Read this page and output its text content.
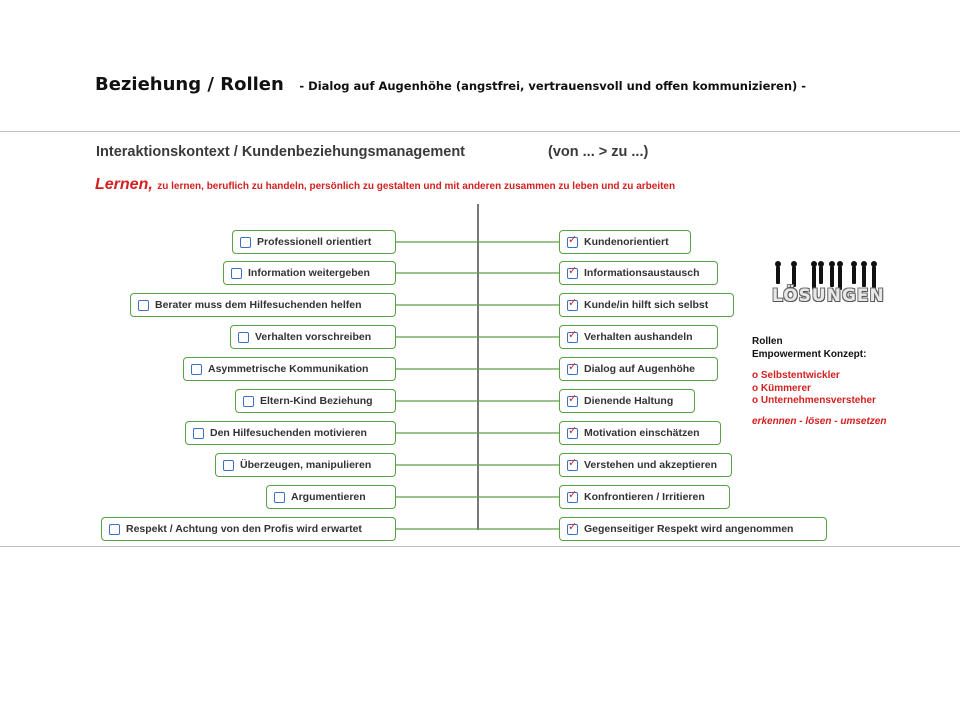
Beziehung / Rollen - Dialog auf Augenhöhe (angstfrei, vertrauensvoll und offen kommunizieren) -
Interaktionskontext / Kundenbeziehungsmanagement	(von ... > zu ...)
Lernen, zu lernen, beruflich zu handeln, persönlich zu gestalten und mit anderen zusammen zu leben und zu arbeiten
Professionell orientiert
Information weitergeben
Berater muss dem Hilfesuchenden helfen
Verhalten vorschreiben
Asymmetrische Kommunikation
Eltern-Kind Beziehung
Den Hilfesuchenden motivieren
Überzeugen, manipulieren
Argumentieren
Respekt / Achtung von den Profis wird erwartet
✓
Kundenorientiert
✓
Informationsaustausch
✓
Kunde/in hilft sich selbst
✓
Verhalten aushandeln
✓
Dialog auf Augenhöhe
✓
Dienende Haltung
✓
Motivation einschätzen
✓
Verstehen und akzeptieren
✓
Konfrontieren / Irritieren
✓
Gegenseitiger Respekt wird angenommen
LÖSUNGEN
Rollen
Empowerment Konzept:
o Selbstentwickler
o Kümmerer
o Unternehmensversteher
erkennen - lösen - umsetzen
